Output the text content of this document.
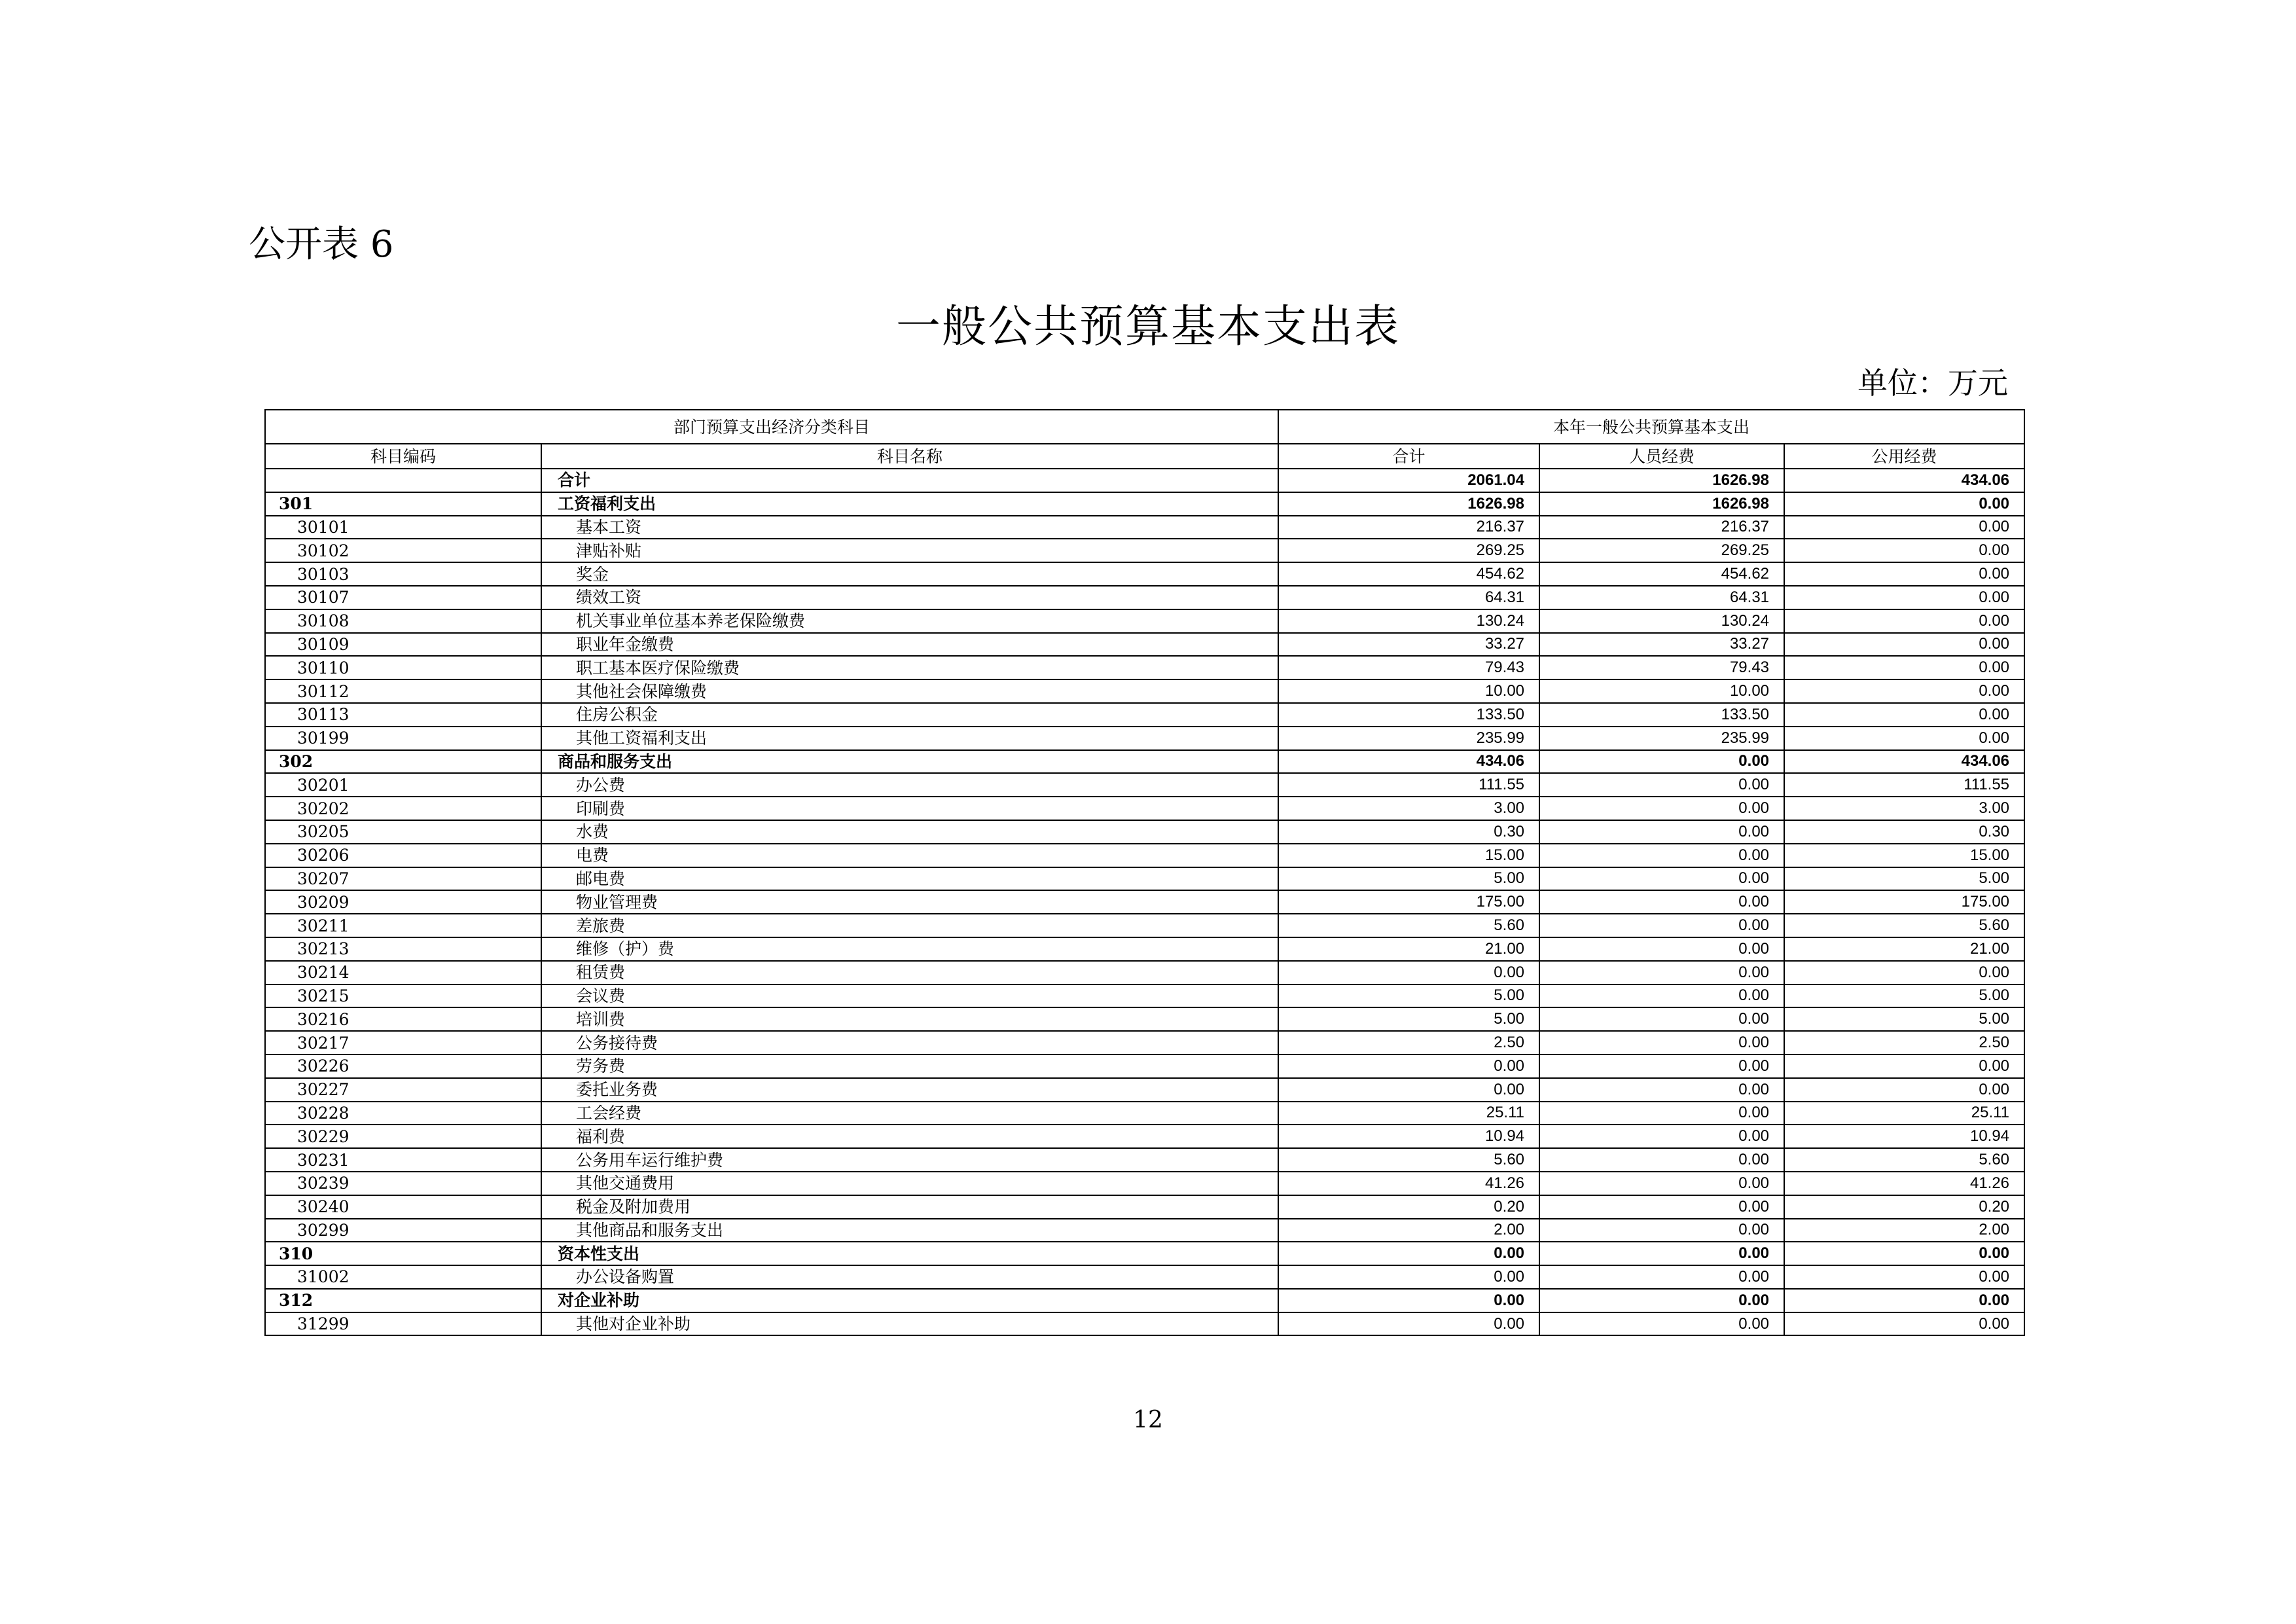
公开表 6
一般公共预算基本支出表
单位：万元
部门预算支出经济分类科目		本年一般公共预算基本支出		
科目编码	科目名称	合计	人员经费	公用经费
	合计	2061.04	1626.98	434.06
301	工资福利支出	1626.98	1626.98	0.00
30101	基本工资	216.37	216.37	0.00
30102	津贴补贴	269.25	269.25	0.00
30103	奖金	454.62	454.62	0.00
30107	绩效工资	64.31	64.31	0.00
30108	机关事业单位基本养老保险缴费	130.24	130.24	0.00
30109	职业年金缴费	33.27	33.27	0.00
30110	职工基本医疗保险缴费	79.43	79.43	0.00
30112	其他社会保障缴费	10.00	10.00	0.00
30113	住房公积金	133.50	133.50	0.00
30199	其他工资福利支出	235.99	235.99	0.00
302	商品和服务支出	434.06	0.00	434.06
30201	办公费	111.55	0.00	111.55
30202	印刷费	3.00	0.00	3.00
30205	水费	0.30	0.00	0.30
30206	电费	15.00	0.00	15.00
30207	邮电费	5.00	0.00	5.00
30209	物业管理费	175.00	0.00	175.00
30211	差旅费	5.60	0.00	5.60
30213	维修（护）费	21.00	0.00	21.00
30214	租赁费	0.00	0.00	0.00
30215	会议费	5.00	0.00	5.00
30216	培训费	5.00	0.00	5.00
30217	公务接待费	2.50	0.00	2.50
30226	劳务费	0.00	0.00	0.00
30227	委托业务费	0.00	0.00	0.00
30228	工会经费	25.11	0.00	25.11
30229	福利费	10.94	0.00	10.94
30231	公务用车运行维护费	5.60	0.00	5.60
30239	其他交通费用	41.26	0.00	41.26
30240	税金及附加费用	0.20	0.00	0.20
30299	其他商品和服务支出	2.00	0.00	2.00
310	资本性支出	0.00	0.00	0.00
31002	办公设备购置	0.00	0.00	0.00
312	对企业补助	0.00	0.00	0.00
31299	其他对企业补助	0.00	0.00	0.00
12
